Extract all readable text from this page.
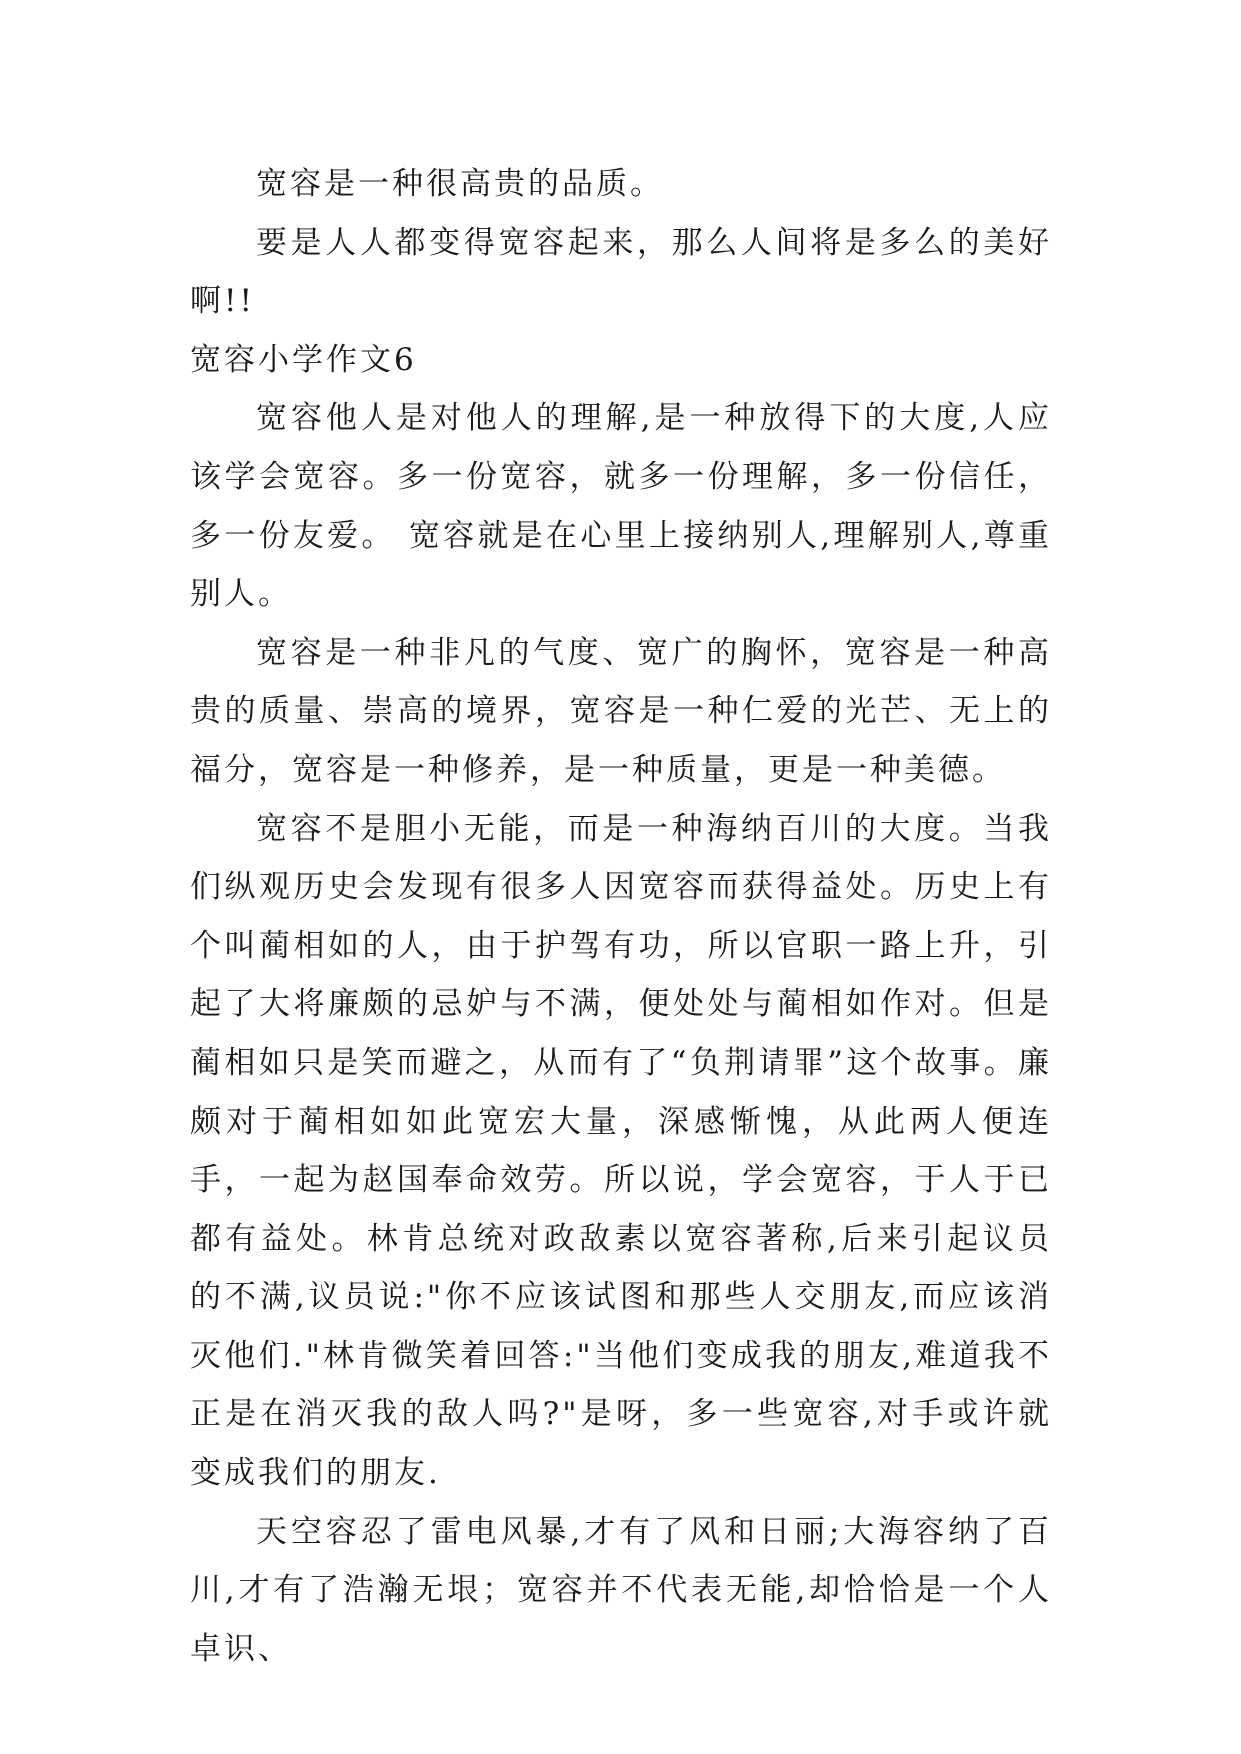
宽容是一种很高贵的品质。

要是人人都变得宽容起来，那么人间将是多么的美好啊!!

宽容小学作文6

宽容他人是对他人的理解,是一种放得下的大度,人应该学会宽容。多一份宽容，就多一份理解，多一份信任，多一份友爱。 宽容就是在心里上接纳别人,理解别人,尊重别人。

宽容是一种非凡的气度、宽广的胸怀，宽容是一种高贵的质量、崇高的境界，宽容是一种仁爱的光芒、无上的福分，宽容是一种修养，是一种质量，更是一种美德。

宽容不是胆小无能，而是一种海纳百川的大度。当我们纵观历史会发现有很多人因宽容而获得益处。历史上有个叫蔺相如的人，由于护驾有功，所以官职一路上升，引起了大将廉颇的忌妒与不满，便处处与蔺相如作对。但是蔺相如只是笑而避之，从而有了“负荆请罪”这个故事。廉颇对于蔺相如如此宽宏大量，深感惭愧，从此两人便连手，一起为赵国奉命效劳。所以说，学会宽容，于人于已都有益处。林肯总统对政敌素以宽容著称,后来引起议员的不满,议员说:"你不应该试图和那些人交朋友,而应该消灭他们."林肯微笑着回答:"当他们变成我的朋友,难道我不正是在消灭我的敌人吗?"是呀，多一些宽容,对手或许就变成我们的朋友.

天空容忍了雷电风暴,才有了风和日丽;大海容纳了百川,才有了浩瀚无垠；宽容并不代表无能,却恰恰是一个人卓识、
